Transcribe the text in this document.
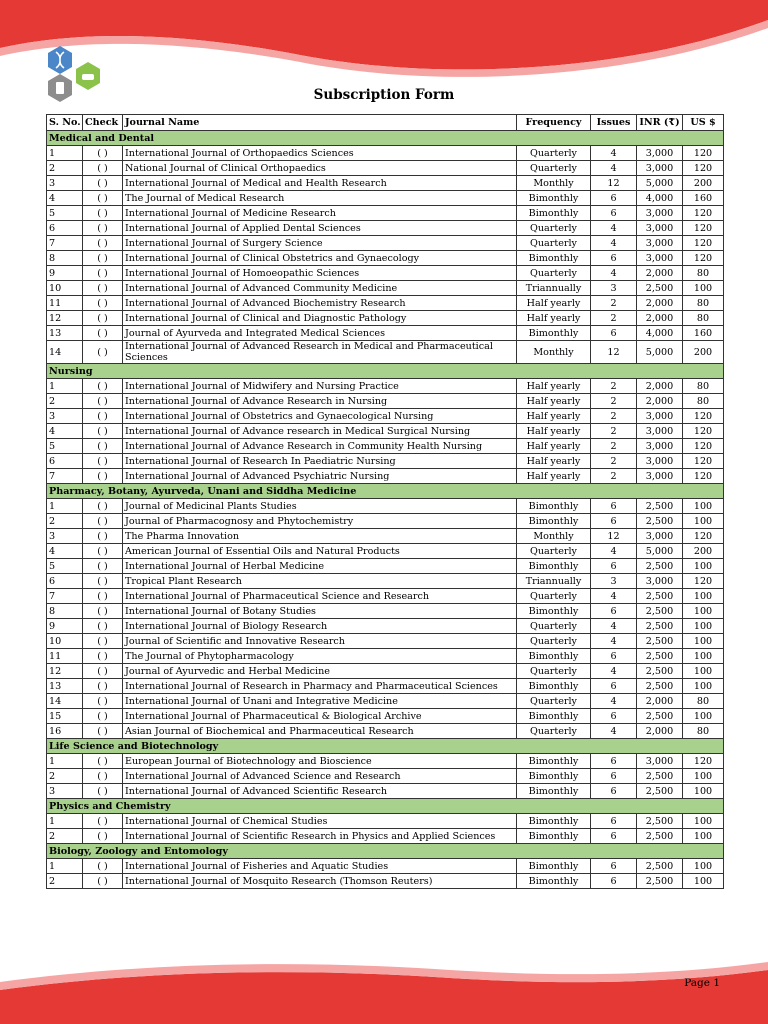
Subscription Form
S. No.	Check	Journal Name	Frequency	Issues	INR (₹)	US $
Medical and Dental						
1	( )	International Journal of Orthopaedics Sciences	Quarterly	4	3,000	120
2	( )	National Journal of Clinical Orthopaedics	Quarterly	4	3,000	120
3	( )	International Journal of Medical and Health Research	Monthly	12	5,000	200
4	( )	The Journal of Medical Research	Bimonthly	6	4,000	160
5	( )	International Journal of Medicine Research	Bimonthly	6	3,000	120
6	( )	International Journal of Applied Dental Sciences	Quarterly	4	3,000	120
7	( )	International Journal of Surgery Science	Quarterly	4	3,000	120
8	( )	International Journal of Clinical Obstetrics and Gynaecology	Bimonthly	6	3,000	120
9	( )	International Journal of Homoeopathic Sciences	Quarterly	4	2,000	80
10	( )	International Journal of Advanced Community Medicine	Triannually	3	2,500	100
11	( )	International Journal of Advanced Biochemistry Research	Half yearly	2	2,000	80
12	( )	International Journal of Clinical and Diagnostic Pathology	Half yearly	2	2,000	80
13	( )	Journal of Ayurveda and Integrated Medical Sciences	Bimonthly	6	4,000	160
14	( )	International Journal of Advanced Research in Medical and Pharmaceutical Sciences	Monthly	12	5,000	200
Nursing						
1	( )	International Journal of Midwifery and Nursing Practice	Half yearly	2	2,000	80
2	( )	International Journal of Advance Research in Nursing	Half yearly	2	2,000	80
3	( )	International Journal of Obstetrics and Gynaecological Nursing	Half yearly	2	3,000	120
4	( )	International Journal of Advance research in Medical Surgical Nursing	Half yearly	2	3,000	120
5	( )	International Journal of Advance Research in Community Health Nursing	Half yearly	2	3,000	120
6	( )	International Journal of Research In Paediatric Nursing	Half yearly	2	3,000	120
7	( )	International Journal of Advanced Psychiatric Nursing	Half yearly	2	3,000	120
Pharmacy, Botany, Ayurveda, Unani and Siddha Medicine						
1	( )	Journal of Medicinal Plants Studies	Bimonthly	6	2,500	100
2	( )	Journal of Pharmacognosy and Phytochemistry	Bimonthly	6	2,500	100
3	( )	The Pharma Innovation	Monthly	12	3,000	120
4	( )	American Journal of Essential Oils and Natural Products	Quarterly	4	5,000	200
5	( )	International Journal of Herbal Medicine	Bimonthly	6	2,500	100
6	( )	Tropical Plant Research	Triannually	3	3,000	120
7	( )	International Journal of Pharmaceutical Science and Research	Quarterly	4	2,500	100
8	( )	International Journal of Botany Studies	Bimonthly	6	2,500	100
9	( )	International Journal of Biology Research	Quarterly	4	2,500	100
10	( )	Journal of Scientific and Innovative Research	Quarterly	4	2,500	100
11	( )	The Journal of Phytopharmacology	Bimonthly	6	2,500	100
12	( )	Journal of Ayurvedic and Herbal Medicine	Quarterly	4	2,500	100
13	( )	International Journal of Research in Pharmacy and Pharmaceutical Sciences	Bimonthly	6	2,500	100
14	( )	International Journal of Unani and Integrative Medicine	Quarterly	4	2,000	80
15	( )	International Journal of Pharmaceutical & Biological Archive	Bimonthly	6	2,500	100
16	( )	Asian Journal of Biochemical and Pharmaceutical Research	Quarterly	4	2,000	80
Life Science and Biotechnology						
1	( )	European Journal of Biotechnology and Bioscience	Bimonthly	6	3,000	120
2	( )	International Journal of Advanced Science and Research	Bimonthly	6	2,500	100
3	( )	International Journal of Advanced Scientific Research	Bimonthly	6	2,500	100
Physics and Chemistry						
1	( )	International Journal of Chemical Studies	Bimonthly	6	2,500	100
2	( )	International Journal of Scientific Research in Physics and Applied Sciences	Bimonthly	6	2,500	100
Biology, Zoology and Entomology						
1	( )	International Journal of Fisheries and Aquatic Studies	Bimonthly	6	2,500	100
2	( )	International Journal of Mosquito Research (Thomson Reuters)	Bimonthly	6	2,500	100
Page 1
